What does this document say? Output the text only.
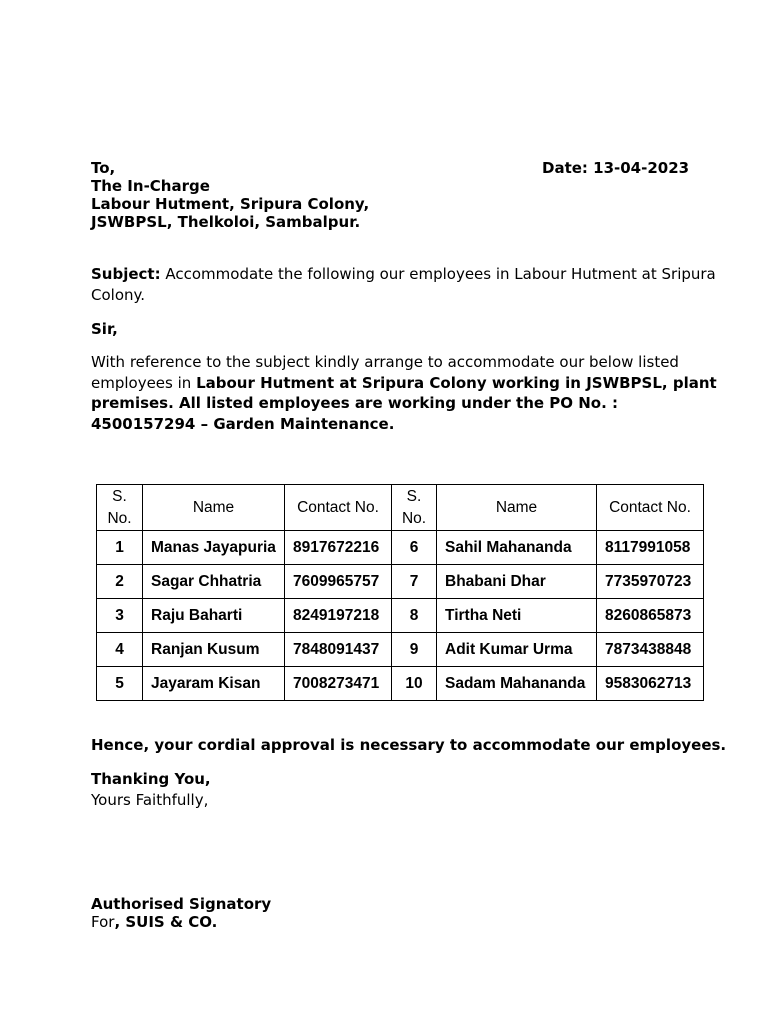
To,	Date: 13-04-2023
The In-Charge
Labour Hutment, Sripura Colony,
JSWBPSL, Thelkoloi, Sambalpur.
Subject: Accommodate the following our employees in Labour Hutment at Sripura
Colony.
Sir,
With reference to the subject kindly arrange to accommodate our below listed
employees in Labour Hutment at Sripura Colony working in JSWBPSL, plant
premises. All listed employees are working under the PO No. :
4500157294 – Garden Maintenance.
S. No.	Name	Contact No.	S. No.	Name	Contact No.
1	Manas Jayapuria	8917672216	6	Sahil Mahananda	8117991058
2	Sagar Chhatria	7609965757	7	Bhabani Dhar	7735970723
3	Raju Baharti	8249197218	8	Tirtha Neti	8260865873
4	Ranjan Kusum	7848091437	9	Adit Kumar Urma	7873438848
5	Jayaram Kisan	7008273471	10	Sadam Mahananda	9583062713
Hence, your cordial approval is necessary to accommodate our employees.
Thanking You,
Yours Faithfully,
Authorised Signatory
For, SUIS & CO.
